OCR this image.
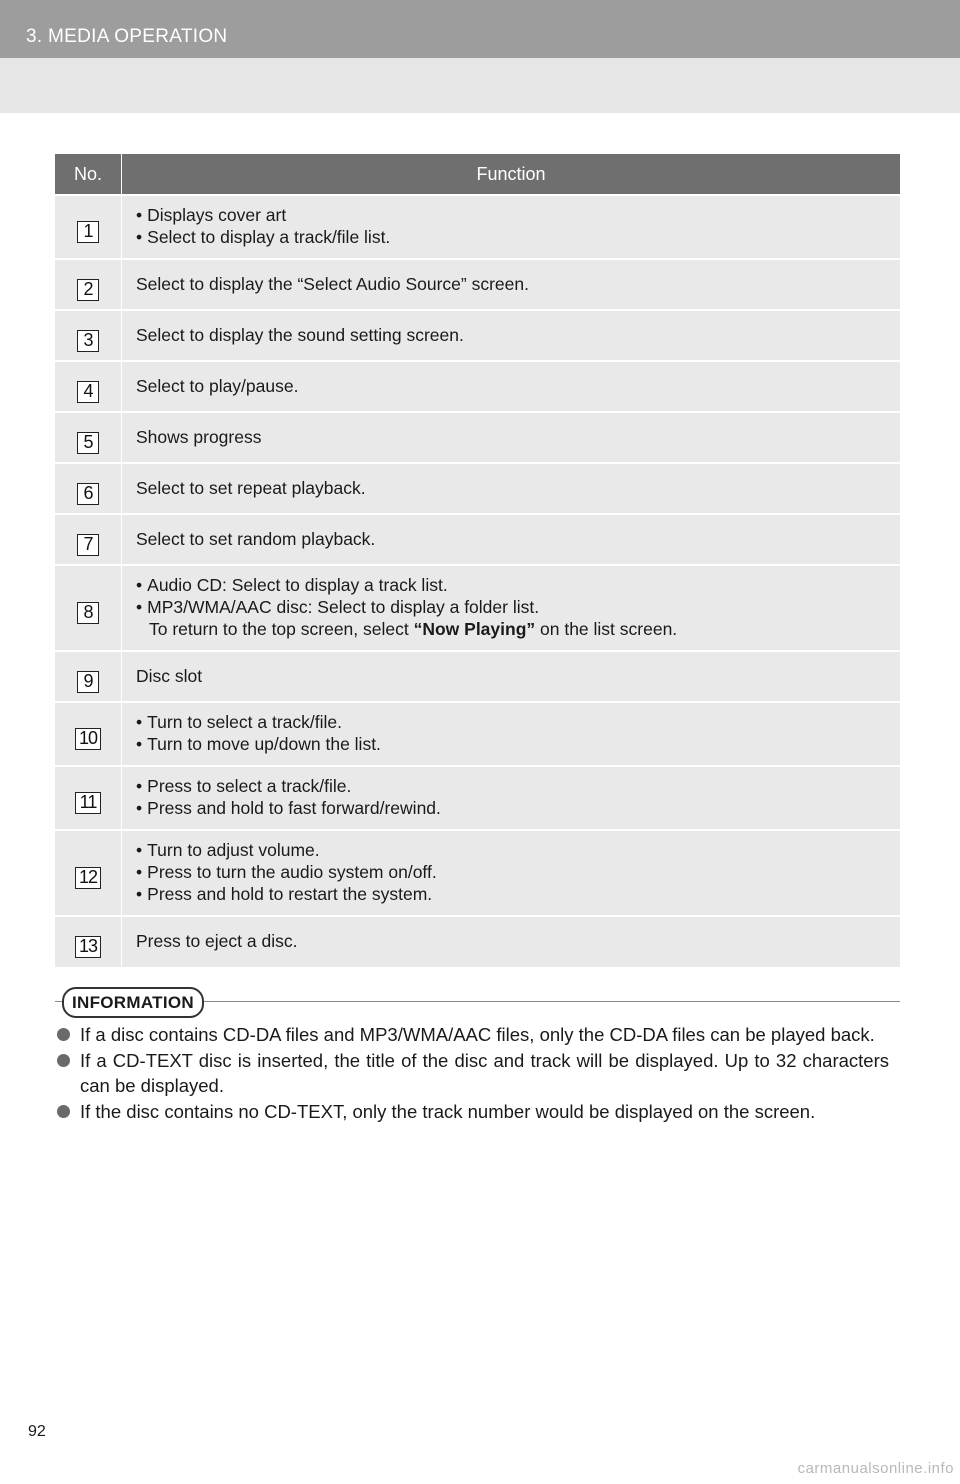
3. MEDIA OPERATION
No.	Function
1	• Displays cover art
• Select to display a track/file list.

2	Select to display the “Select Audio Source” screen.
3	Select to display the sound setting screen.
4	Select to play/pause.
5	Shows progress
6	Select to set repeat playback.
7	Select to set random playback.
8	• Audio CD: Select to display a track list.
• MP3/WMA/AAC disc: Select to display a folder list.
To return to the top screen, select “Now Playing” on the list screen.

9	Disc slot
10	• Turn to select a track/file.
• Turn to move up/down the list.

11	• Press to select a track/file.
• Press and hold to fast forward/rewind.

12	• Turn to adjust volume.
• Press to turn the audio system on/off.
• Press and hold to restart the system.

13	Press to eject a disc.
INFORMATION
If a disc contains CD-DA files and MP3/WMA/AAC files, only the CD-DA files can be played back.
If a CD-TEXT disc is inserted, the title of the disc and track will be displayed. Up to 32 characters can be displayed.
If the disc contains no CD-TEXT, only the track number would be displayed on the screen.
92
carmanualsonline.info
